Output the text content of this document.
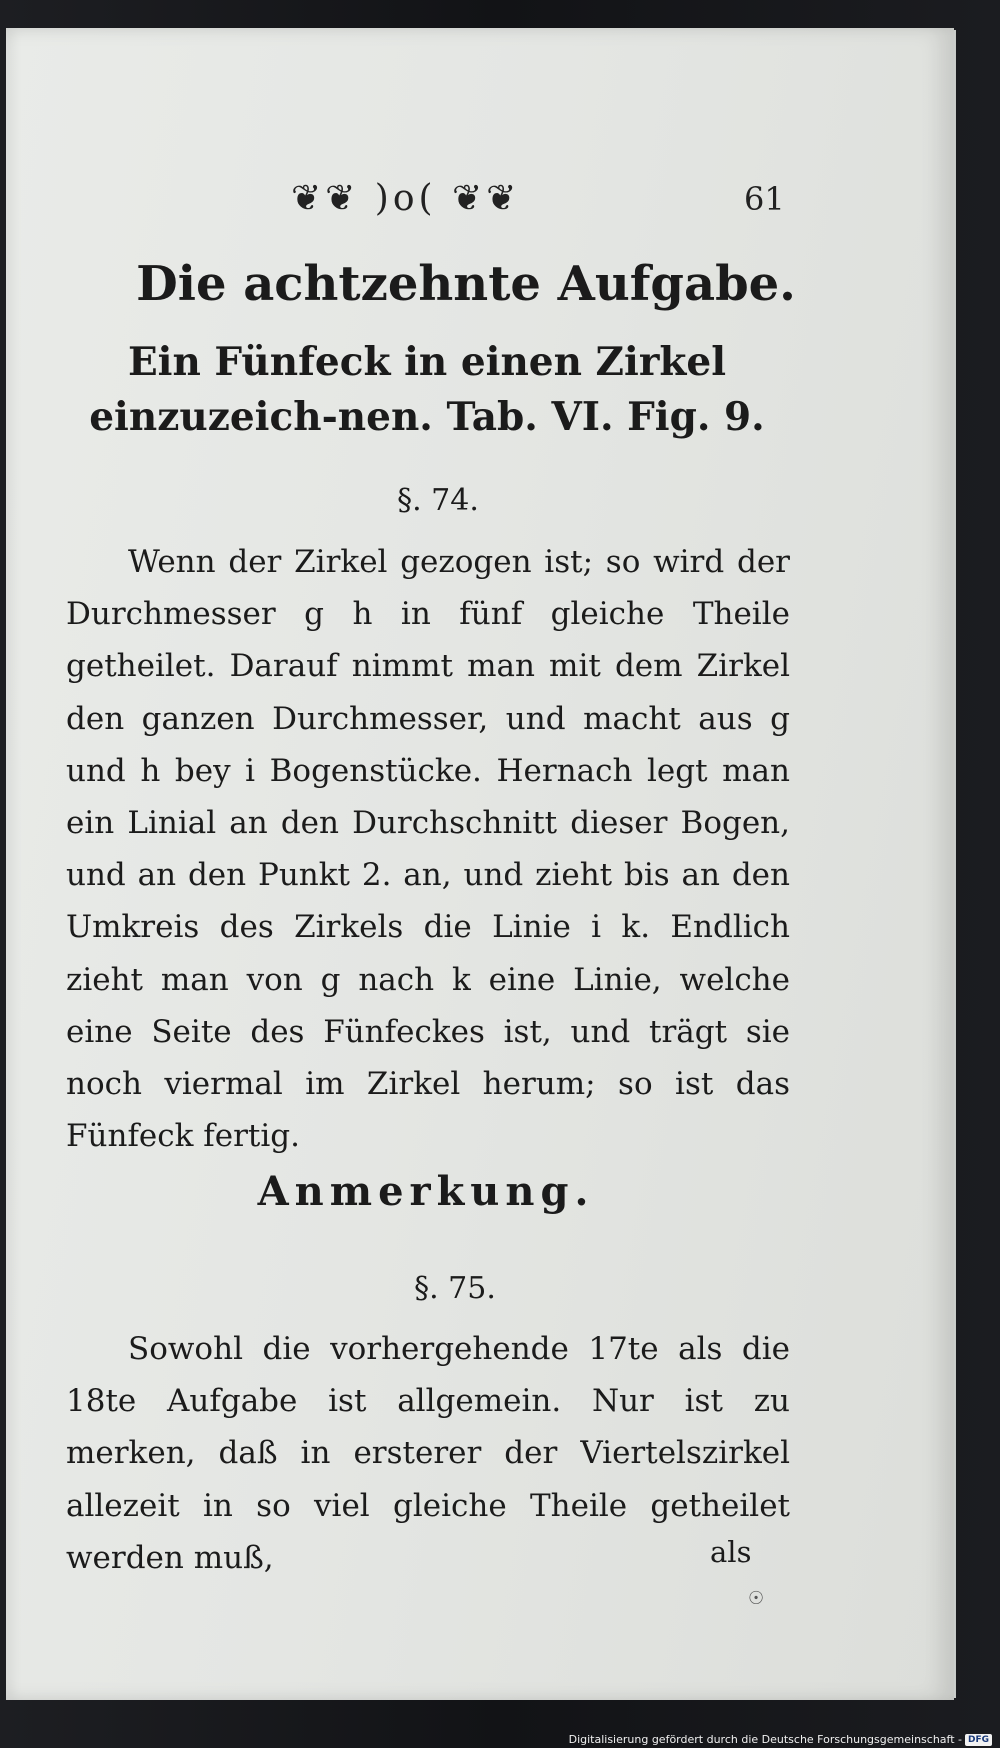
❦❦ )o( ❦❦	61
Die achtzehnte Aufgabe.
Ein Fünfeck in einen Zirkel einzuzeich-nen. Tab. VI. Fig. 9.

§. 74.

Wenn der Zirkel gezogen ist; so wird der Durchmesser g h in fünf gleiche Theile getheilet. Darauf nimmt man mit dem Zirkel den ganzen Durchmesser, und macht aus g und h bey i Bogenstücke. Hernach legt man ein Linial an den Durchschnitt dieser Bogen, und an den Punkt 2. an, und zieht bis an den Umkreis des Zirkels die Linie i k. Endlich zieht man von g nach k eine Linie, welche eine Seite des Fünfeckes ist, und trägt sie noch viermal im Zirkel herum; so ist das Fünfeck fertig.

Anmerkung.

§. 75.

Sowohl die vorhergehende 17te als die 18te Aufgabe ist allgemein. Nur ist zu merken, daß in ersterer der Viertelszirkel allezeit in so viel gleiche Theile getheilet werden muß,	als

☉
Digitalisierung gefördert durch die Deutsche Forschungsgemeinschaft - DFG
